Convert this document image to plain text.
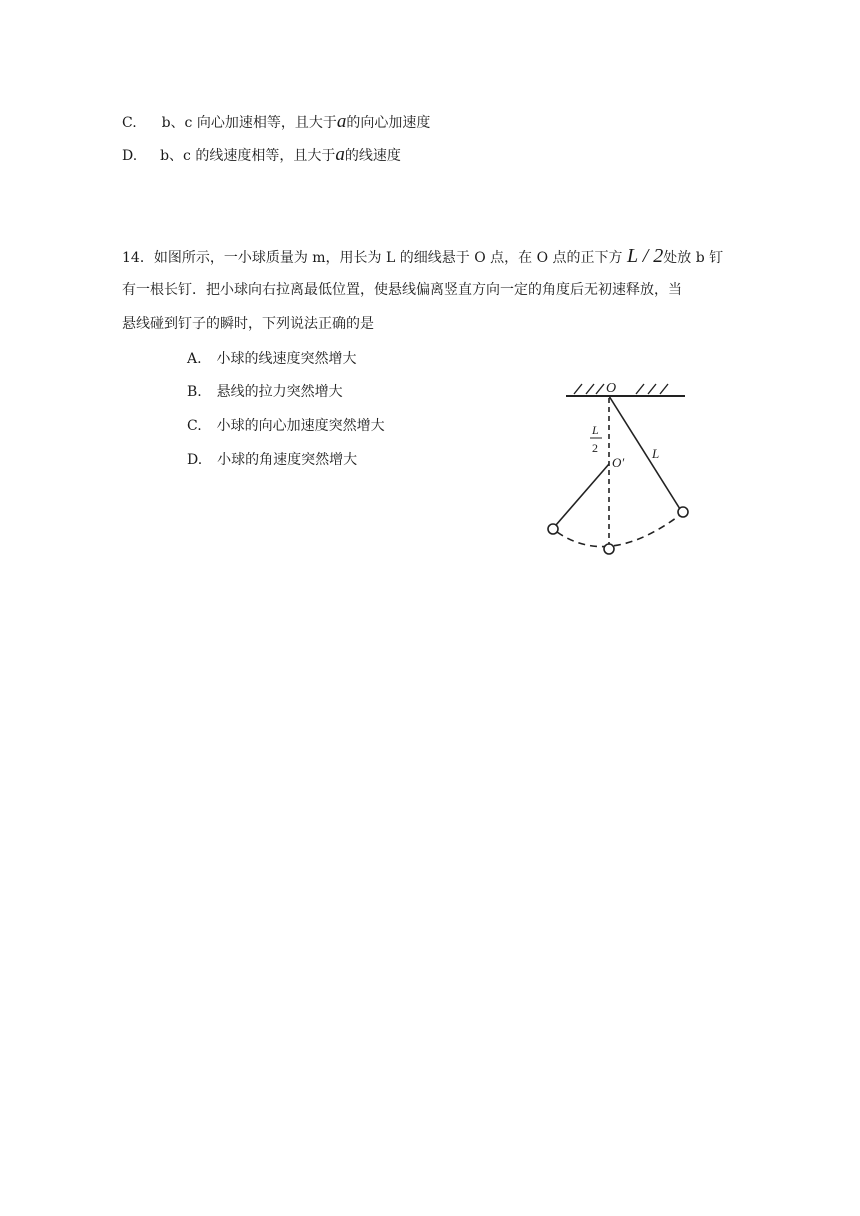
C. b、c 向心加速相等，且大于a的向心加速度
D. b、c 的线速度相等，且大于a的线速度
14．如图所示，一小球质量为 m，用长为 L 的细线悬于 O 点，在 O 点的正下方 L / 2处放 b 钉
有一根长钉．把小球向右拉离最低位置，使悬线偏离竖直方向一定的角度后无初速释放，当
悬线碰到钉子的瞬时，下列说法正确的是
A. 小球的线速度突然增大
B. 悬线的拉力突然增大
C. 小球的向心加速度突然增大
D. 小球的角速度突然增大
O
L
2
O′
L
